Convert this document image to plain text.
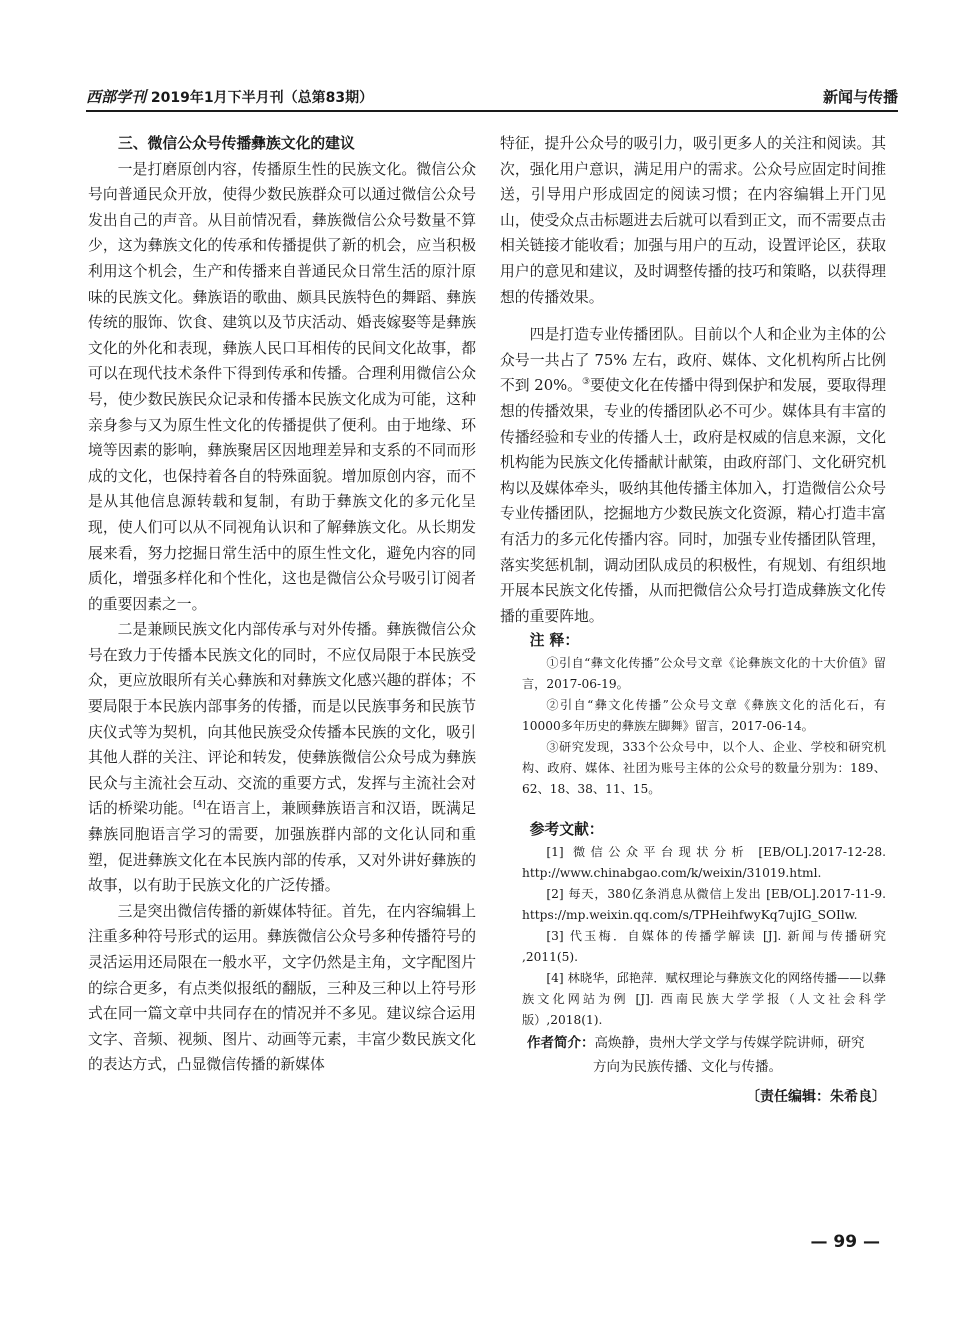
西部学刊 2019年1月下半月刊（总第83期）	新闻与传播
三、微信公众号传播彝族文化的建议

一是打磨原创内容，传播原生性的民族文化。微信公众号向普通民众开放，使得少数民族群众可以通过微信公众号发出自己的声音。从目前情况看，彝族微信公众号数量不算少，这为彝族文化的传承和传播提供了新的机会，应当积极利用这个机会，生产和传播来自普通民众日常生活的原汁原味的民族文化。彝族语的歌曲、颇具民族特色的舞蹈、彝族传统的服饰、饮食、建筑以及节庆活动、婚丧嫁娶等是彝族文化的外化和表现，彝族人民口耳相传的民间文化故事，都可以在现代技术条件下得到传承和传播。合理利用微信公众号，使少数民族民众记录和传播本民族文化成为可能，这种亲身参与又为原生性文化的传播提供了便利。由于地缘、环境等因素的影响，彝族聚居区因地理差异和支系的不同而形成的文化，也保持着各自的特殊面貌。增加原创内容，而不是从其他信息源转载和复制，有助于彝族文化的多元化呈现，使人们可以从不同视角认识和了解彝族文化。从长期发展来看，努力挖掘日常生活中的原生性文化，避免内容的同质化，增强多样化和个性化，这也是微信公众号吸引订阅者的重要因素之一。

二是兼顾民族文化内部传承与对外传播。彝族微信公众号在致力于传播本民族文化的同时，不应仅局限于本民族受众，更应放眼所有关心彝族和对彝族文化感兴趣的群体；不要局限于本民族内部事务的传播，而是以民族事务和民族节庆仪式等为契机，向其他民族受众传播本民族的文化，吸引其他人群的关注、评论和转发，使彝族微信公众号成为彝族民众与主流社会互动、交流的重要方式，发挥与主流社会对话的桥梁功能。[4]在语言上，兼顾彝族语言和汉语，既满足彝族同胞语言学习的需要，加强族群内部的文化认同和重塑，促进彝族文化在本民族内部的传承，又对外讲好彝族的故事，以有助于民族文化的广泛传播。

三是突出微信传播的新媒体特征。首先，在内容编辑上注重多种符号形式的运用。彝族微信公众号多种传播符号的灵活运用还局限在一般水平，文字仍然是主角，文字配图片的综合更多，有点类似报纸的翻版，三种及三种以上符号形式在同一篇文章中共同存在的情况并不多见。建议综合运用文字、音频、视频、图片、动画等元素，丰富少数民族文化的表达方式，凸显微信传播的新媒体

特征，提升公众号的吸引力，吸引更多人的关注和阅读。其次，强化用户意识，满足用户的需求。公众号应固定时间推送，引导用户形成固定的阅读习惯；在内容编辑上开门见山，使受众点击标题进去后就可以看到正文，而不需要点击相关链接才能收看；加强与用户的互动，设置评论区，获取用户的意见和建议，及时调整传播的技巧和策略，以获得理想的传播效果。

四是打造专业传播团队。目前以个人和企业为主体的公众号一共占了 75% 左右，政府、媒体、文化机构所占比例不到 20%。③要使文化在传播中得到保护和发展，要取得理想的传播效果，专业的传播团队必不可少。媒体具有丰富的传播经验和专业的传播人士，政府是权威的信息来源，文化机构能为民族文化传播献计献策，由政府部门、文化研究机构以及媒体牵头，吸纳其他传播主体加入，打造微信公众号专业传播团队，挖掘地方少数民族文化资源，精心打造丰富有活力的多元化传播内容。同时，加强专业传播团队管理，落实奖惩机制，调动团队成员的积极性，有规划、有组织地开展本民族文化传播，从而把微信公众号打造成彝族文化传播的重要阵地。

注 释：

①引自“彝文化传播”公众号文章《论彝族文化的十大价值》留言，2017-06-19。

②引自“彝文化传播”公众号文章《彝族文化的活化石，有10000多年历史的彝族左脚舞》留言，2017-06-14。

③研究发现，333个公众号中，以个人、企业、学校和研究机构、政府、媒体、社团为账号主体的公众号的数量分别为：189、62、18、38、11、15。

参考文献：

[1] 微信公众平台现状分析 [EB/OL].2017-12-28. http://www.chinabgao.com/k/weixin/31019.html.

[2] 每天，380亿条消息从微信上发出 [EB/OL].2017-11-9. https://mp.weixin.qq.com/s/TPHeihfwyKq7ujIG_SOIlw.

[3] 代玉梅．自媒体的传播学解读 [J]. 新闻与传播研究 ,2011(5).

[4] 林晓华，邱艳萍．赋权理论与彝族文化的网络传播——以彝族文化网站为例 [J]. 西南民族大学学报（人文社会科学版）,2018(1).

作者简介：高焕静，贵州大学文学与传媒学院讲师，研究
方向为民族传播、文化与传播。

〔责任编辑：朱希良〕
— 99 —
